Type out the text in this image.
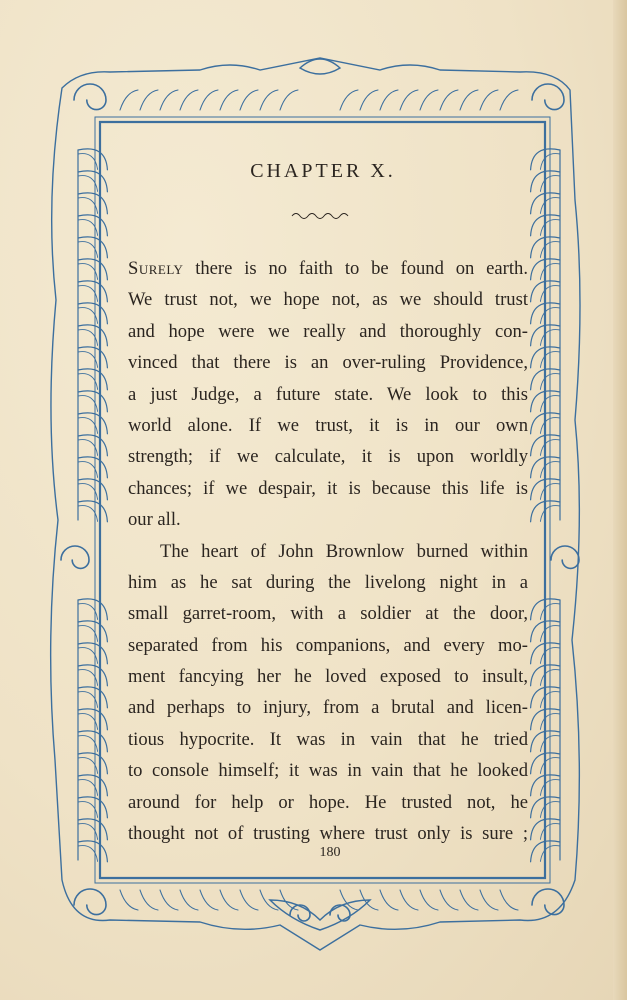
CHAPTER X.
Surely there is no faith to be found on earth.
We trust not, we hope not, as we should trust
and hope were we really and thoroughly con-
vinced that there is an over-ruling Providence,
a just Judge, a future state. We look to this
world alone. If we trust, it is in our own
strength; if we calculate, it is upon worldly
chances; if we despair, it is because this life is
our all.
The heart of John Brownlow burned within
him as he sat during the livelong night in a
small garret-room, with a soldier at the door,
separated from his companions, and every mo-
ment fancying her he loved exposed to insult,
and perhaps to injury, from a brutal and licen-
tious hypocrite. It was in vain that he tried
to console himself; it was in vain that he looked
around for help or hope. He trusted not, he
thought not of trusting where trust only is sure ;
180
